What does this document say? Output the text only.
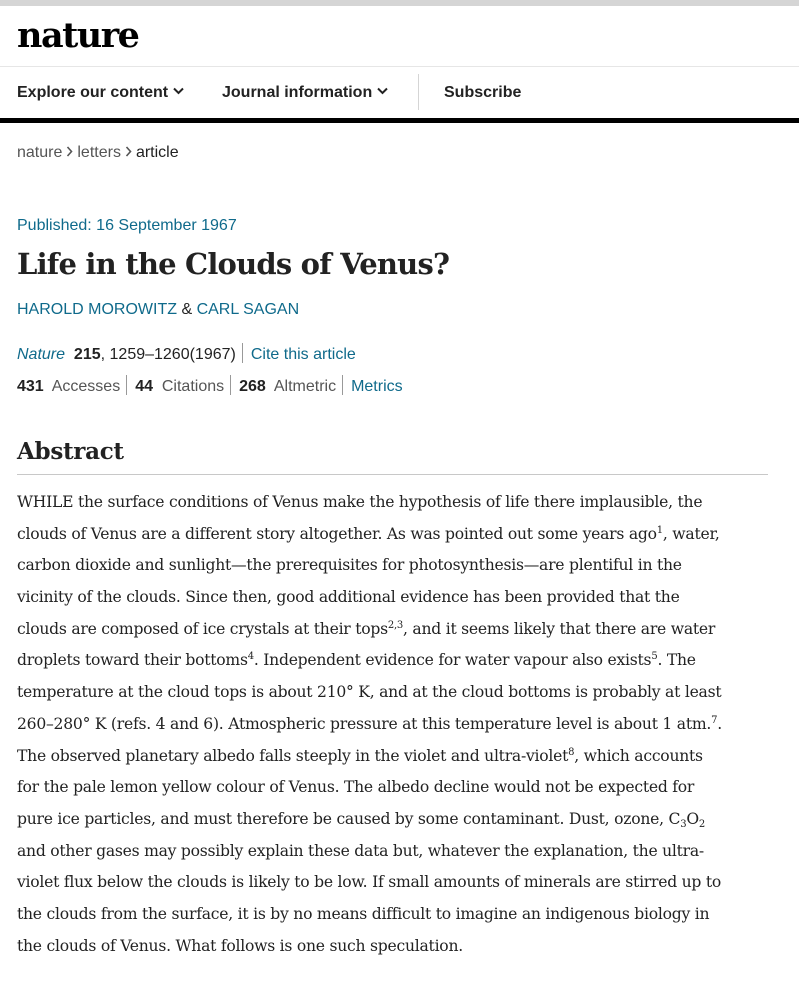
nature
Explore our content	Journal information	Subscribe
nature letters article
Published: 16 September 1967
Life in the Clouds of Venus?
HAROLD MOROWITZ & CARL SAGAN
Nature 215, 1259–1260(1967) Cite this article
431 Accesses 44 Citations 268 Altmetric Metrics
Abstract
WHILE the surface conditions of Venus make the hypothesis of life there implausible, the
clouds of Venus are a different story altogether. As was pointed out some years ago$^1$, water,
carbon dioxide and sunlight—the prerequisites for photosynthesis—are plentiful in the
vicinity of the clouds. Since then, good additional evidence has been provided that the
clouds are composed of ice crystals at their tops$^{2,3}$, and it seems likely that there are water
droplets toward their bottoms$^4$. Independent evidence for water vapour also exists$^5$. The
temperature at the cloud tops is about 210° K, and at the cloud bottoms is probably at least
260–280° K (refs. 4 and 6). Atmospheric pressure at this temperature level is about 1 atm.$^7$.
The observed planetary albedo falls steeply in the violet and ultra-violet$^8$, which accounts
for the pale lemon yellow colour of Venus. The albedo decline would not be expected for
pure ice particles, and must therefore be caused by some contaminant. Dust, ozone, $C_3O_2$
and other gases may possibly explain these data but, whatever the explanation, the ultra-
violet flux below the clouds is likely to be low. If small amounts of minerals are stirred up to
the clouds from the surface, it is by no means difficult to imagine an indigenous biology in
the clouds of Venus. What follows is one such speculation.
